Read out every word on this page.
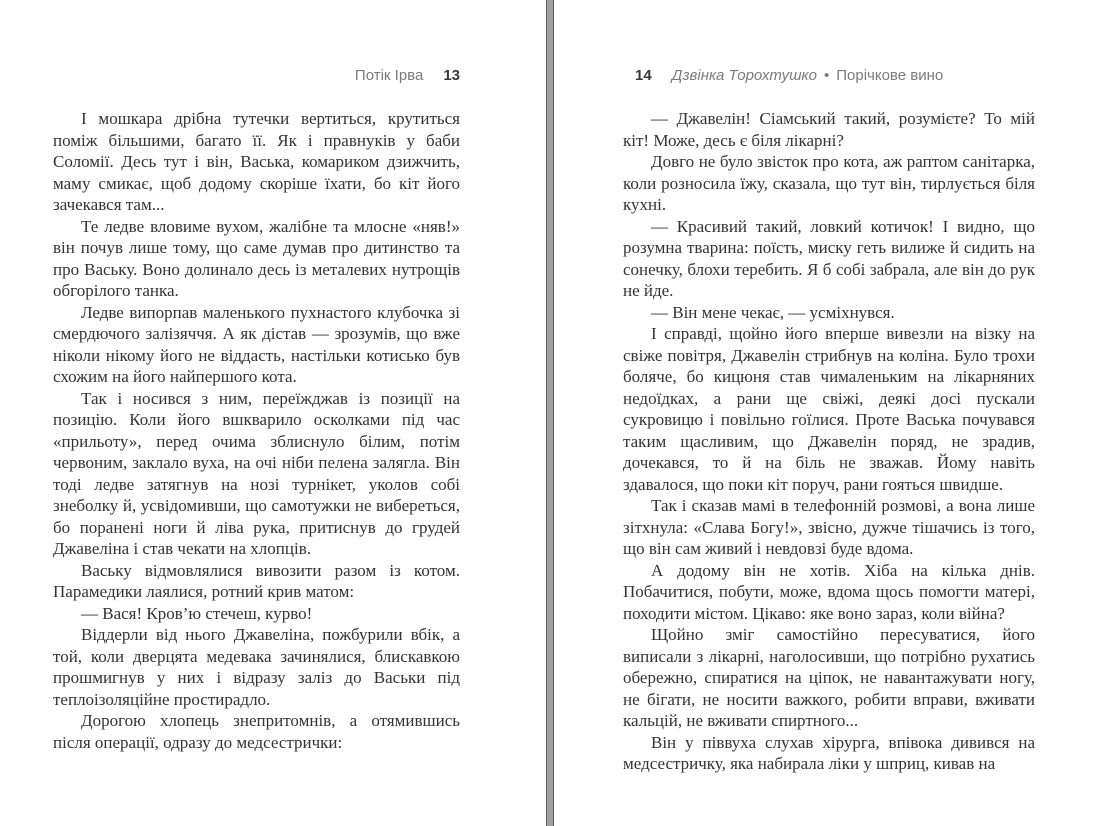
Потік Ірва 13

І мошкара дрібна тутечки вертиться, крутиться поміж більшими, багато її. Як і правнуків у баби Соломії. Десь тут і він, Васька, комариком дзижчить, маму смикає, щоб додому скоріше їхати, бо кіт його зачекався там...

Те ледве вловиме вухом, жалібне та млосне «няв!» він почув лише тому, що саме думав про дитинство та про Ваську. Воно долинало десь із металевих нутрощів обгорілого танка.

Ледве випорпав маленького пухнастого клубочка зі смердючого залізяччя. А як дістав — зрозумів, що вже ніколи нікому його не віддасть, настільки котисько був схожим на його найпершого кота.

Так і носився з ним, переїжджав із позиції на позицію. Коли його вшкварило осколками під час «прильоту», перед очима зблиснуло білим, потім червоним, заклало вуха, на очі ніби пелена залягла. Він тоді ледве затягнув на нозі турнікет, уколов собі знеболку й, усвідомивши, що самотужки не вибереться, бо поранені ноги й ліва рука, притиснув до грудей Джавеліна і став чекати на хлопців.

Ваську відмовлялися вивозити разом із котом. Парамедики лаялися, ротний крив матом:

— Вася! Кров’ю стечеш, курво!

Віддерли від нього Джавеліна, пожбурили вбік, а той, коли дверцята медевака зачинялися, блискавкою прошмигнув у них і відразу заліз до Васьки під теплоізоляційне простирадло.

Дорогою хлопець знепритомнів, а отямившись після операції, одразу до медсестрички:

14 Дзвінка Торохтушко • Порічкове вино

— Джавелін! Сіамський такий, розумієте? То мій кіт! Може, десь є біля лікарні?

Довго не було звісток про кота, аж раптом санітарка, коли розносила їжу, сказала, що тут він, тирлується біля кухні.

— Красивий такий, ловкий котичок! І видно, що розумна тварина: поїсть, миску геть вилиже й сидить на сонечку, блохи теребить. Я б собі забрала, але він до рук не йде.

— Він мене чекає, — усміхнувся.

І справді, щойно його вперше вивезли на візку на свіже повітря, Джавелін стрибнув на коліна. Було трохи боляче, бо кицюня став чималеньким на лікарняних недоїдках, а рани ще свіжі, деякі досі пускали сукровицю і повільно гоїлися. Проте Васька почувався таким щасливим, що Джавелін поряд, не зрадив, дочекався, то й на біль не зважав. Йому навіть здавалося, що поки кіт поруч, рани гояться швидше.

Так і сказав мамі в телефонній розмові, а вона лише зітхнула: «Слава Богу!», звісно, дужче тішачись із того, що він сам живий і невдовзі буде вдома.

А додому він не хотів. Хіба на кілька днів. Побачитися, побути, може, вдома щось помогти матері, походити містом. Цікаво: яке воно зараз, коли війна?

Щойно зміг самостійно пересуватися, його виписали з лікарні, наголосивши, що потрібно рухатись обережно, спиратися на ціпок, не навантажувати ногу, не бігати, не носити важкого, робити вправи, вживати кальцій, не вживати спиртного...

Він у піввуха слухав хірурга, впівока дивився на медсестричку, яка набирала ліки у шприц, кивав на
